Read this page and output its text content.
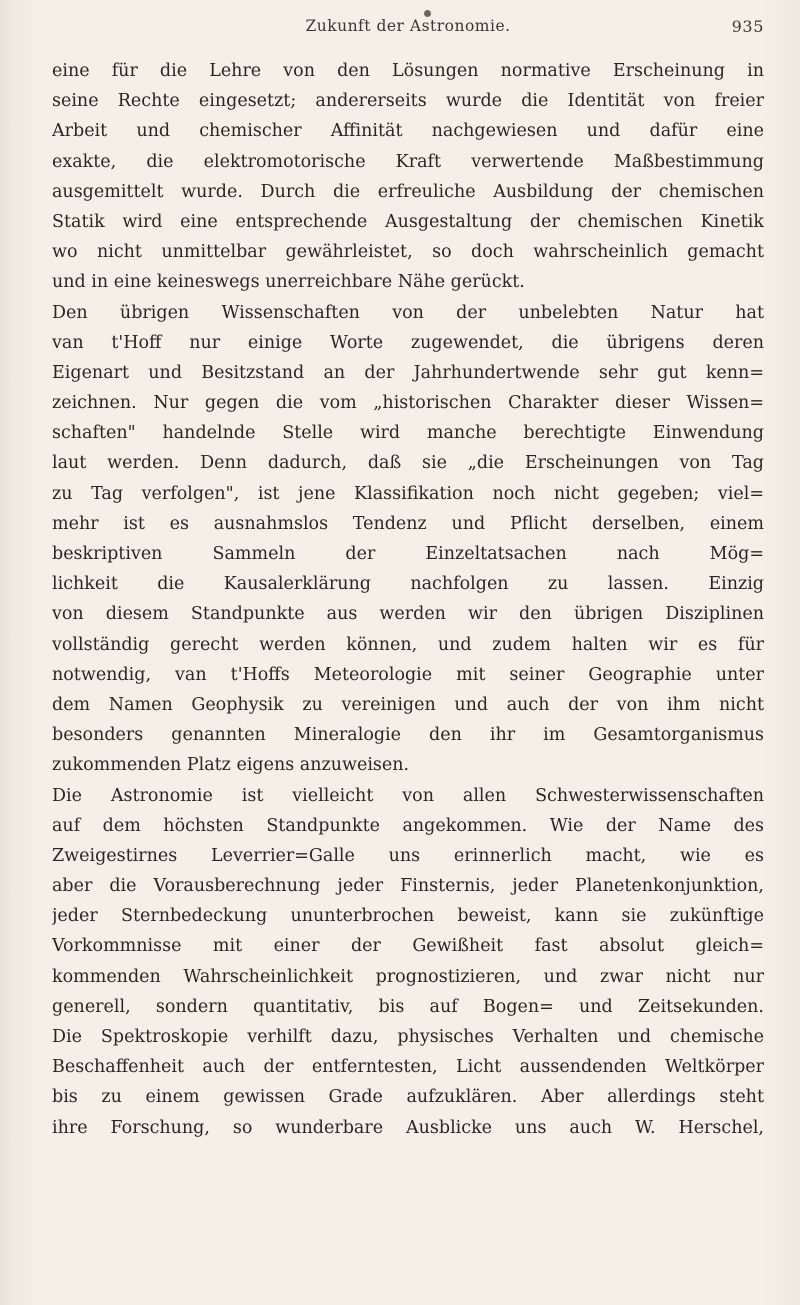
Zukunft der Astronomie.	935
eine für die Lehre von den Lösungen normative Erscheinung in
seine Rechte eingesetzt; andererseits wurde die Identität von freier
Arbeit und chemischer Affinität nachgewiesen und dafür eine
exakte, die elektromotorische Kraft verwertende Maßbestimmung
ausgemittelt wurde. Durch die erfreuliche Ausbildung der chemischen
Statik wird eine entsprechende Ausgestaltung der chemischen Kinetik
wo nicht unmittelbar gewährleistet, so doch wahrscheinlich gemacht
und in eine keineswegs unerreichbare Nähe gerückt.
Den übrigen Wissenschaften von der unbelebten Natur hat
van t'Hoff nur einige Worte zugewendet, die übrigens deren
Eigenart und Besitzstand an der Jahrhundertwende sehr gut kenn=
zeichnen. Nur gegen die vom „historischen Charakter dieser Wissen=
schaften" handelnde Stelle wird manche berechtigte Einwendung
laut werden. Denn dadurch, daß sie „die Erscheinungen von Tag
zu Tag verfolgen", ist jene Klassifikation noch nicht gegeben; viel=
mehr ist es ausnahmslos Tendenz und Pflicht derselben, einem
beskriptiven Sammeln der Einzeltatsachen nach Mög=
lichkeit die Kausalerklärung nachfolgen zu lassen. Einzig
von diesem Standpunkte aus werden wir den übrigen Disziplinen
vollständig gerecht werden können, und zudem halten wir es für
notwendig, van t'Hoffs Meteorologie mit seiner Geographie unter
dem Namen Geophysik zu vereinigen und auch der von ihm nicht
besonders genannten Mineralogie den ihr im Gesamtorganismus
zukommenden Platz eigens anzuweisen.
Die Astronomie ist vielleicht von allen Schwesterwissenschaften
auf dem höchsten Standpunkte angekommen. Wie der Name des
Zweigestirnes Leverrier=Galle uns erinnerlich macht, wie es
aber die Vorausberechnung jeder Finsternis, jeder Planetenkonjunktion,
jeder Sternbedeckung ununterbrochen beweist, kann sie zukünftige
Vorkommnisse mit einer der Gewißheit fast absolut gleich=
kommenden Wahrscheinlichkeit prognostizieren, und zwar nicht nur
generell, sondern quantitativ, bis auf Bogen= und Zeitsekunden.
Die Spektroskopie verhilft dazu, physisches Verhalten und chemische
Beschaffenheit auch der entferntesten, Licht aussendenden Weltkörper
bis zu einem gewissen Grade aufzuklären. Aber allerdings steht
ihre Forschung, so wunderbare Ausblicke uns auch W. Herschel,
